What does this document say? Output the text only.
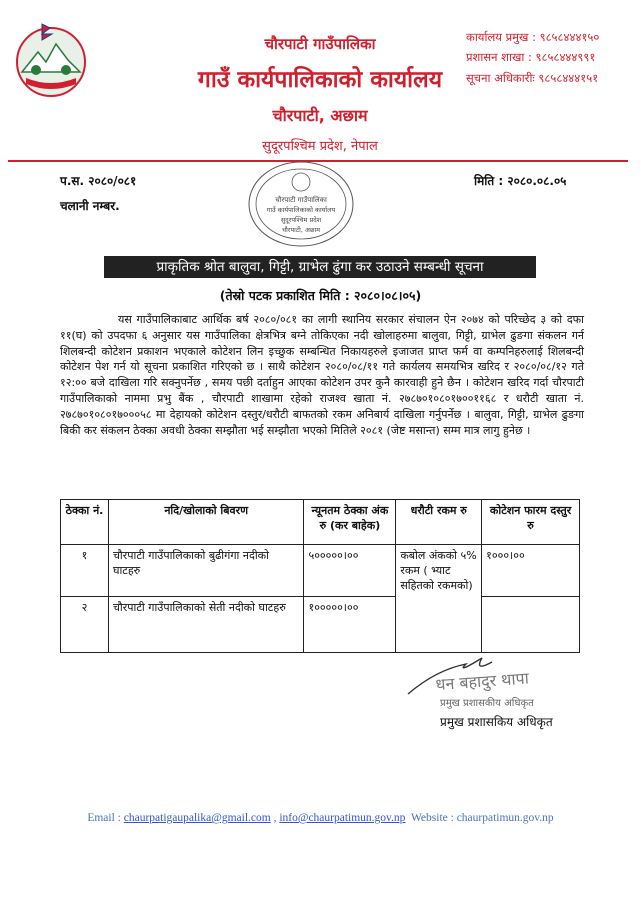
चौरपाटी गाउँपालिका
गाउँ कार्यपालिकाको कार्यालय
चौरपाटी, अछाम
सुदूरपश्चिम प्रदेश, नेपाल
कार्यालय प्रमुख : ९८५८४४४१५०
प्रशासन शाखा : ९८५८४४४९९१
सूचना अधिकारीः ९८५८४४४१५१
प.स. २०८०/०८१
चलानी नम्बर.
मिति : २०८०.०८.०५
चौरपाटी गाउँपालिका
गाउँ कार्यपालिकाको कार्यालय
सुदूरपश्चिम प्रदेश
चौरपाटी, अछाम
प्राकृतिक श्रोत बालुवा, गिट्टी, ग्राभेल ढुंगा कर उठाउने सम्बन्धी सूचना
(तेस्रो पटक प्रकाशित मिति : २०८०।०८।०५)

यस गाउँपालिकाबाट आर्थिक बर्ष २०८०/०८१ का लागी स्थानिय सरकार संचालन ऐन २०७४ को परिच्छेद ३ को दफा ११(घ) को उपदफा ६ अनुसार यस गाउँपालिका क्षेत्रभित्र बग्ने तोकिएका नदी खोलाहरुमा बालुवा, गिट्टी, ग्राभेल ढुङगा संकलन गर्न शिलबन्दी कोटेशन प्रकाशन भएकाले कोटेशन लिन इच्छुक सम्बन्धित निकायहरुले इजाजत प्राप्त फर्म वा कम्पनिहरुलाई शिलबन्दी कोटेशन पेश गर्न यो सूचना प्रकाशित गरिएको छ । साथै कोटेशन २०८०/०८/११ गते कार्यलय समयभित्र खरिद र २०८०/०८/१२ गते १२:०० बजे दाखिला गरि सक्नुपर्नेछ , समय पछी दर्ताहुन आएका कोटेशन उपर कुनै कारवाही हुने छैन । कोटेशन खरिद गर्दा चौरपाटी गाउँपालिकाको नाममा प्रभु बैंक , चौरपाटी शाखामा रहेको राजश्व खाता नं. २७८७०१०८०१७००११६८ र धरौटी खाता नं. २७८७०१०८०१७०००५८ मा देहायको कोटेशन दस्तुर/धरौटी बाफतको रकम अनिबार्य दाखिला गर्नुपर्नेछ । बालुवा, गिट्टी, ग्राभेल ढुङगा बिकी कर संकलन ठेक्का अवधी ठेक्का सम्झौता भई सम्झौता भएको मितिले २०८१ (जेष्ट मसान्त) सम्म मात्र लागु हुनेछ ।

ठेक्का नं.	नदि/खोलाको बिवरण	न्यूनतम ठेक्का अंक रु (कर बाहेक)	धरौटी रकम रु	कोटेशन फारम दस्तुर रु
१	चौरपाटी गाउँपालिकाको बुढीगंगा नदीको घाटहरु	५०००००।००	कबोल अंकको ५% रकम ( भ्याट सहितको रकमको)	१०००।००
२	चौरपाटी गाउँपालिकाको सेती नदीको घाटहरु	१०००००।००		
धन बहादुर थापा
प्रमुख प्रशासकीय अधिकृत
प्रमुख प्रशासकिय अधिकृत
Email : chaurpatigaupalika@gmail.com , info@chaurpatimun.gov.np  Website : chaurpatimun.gov.np
